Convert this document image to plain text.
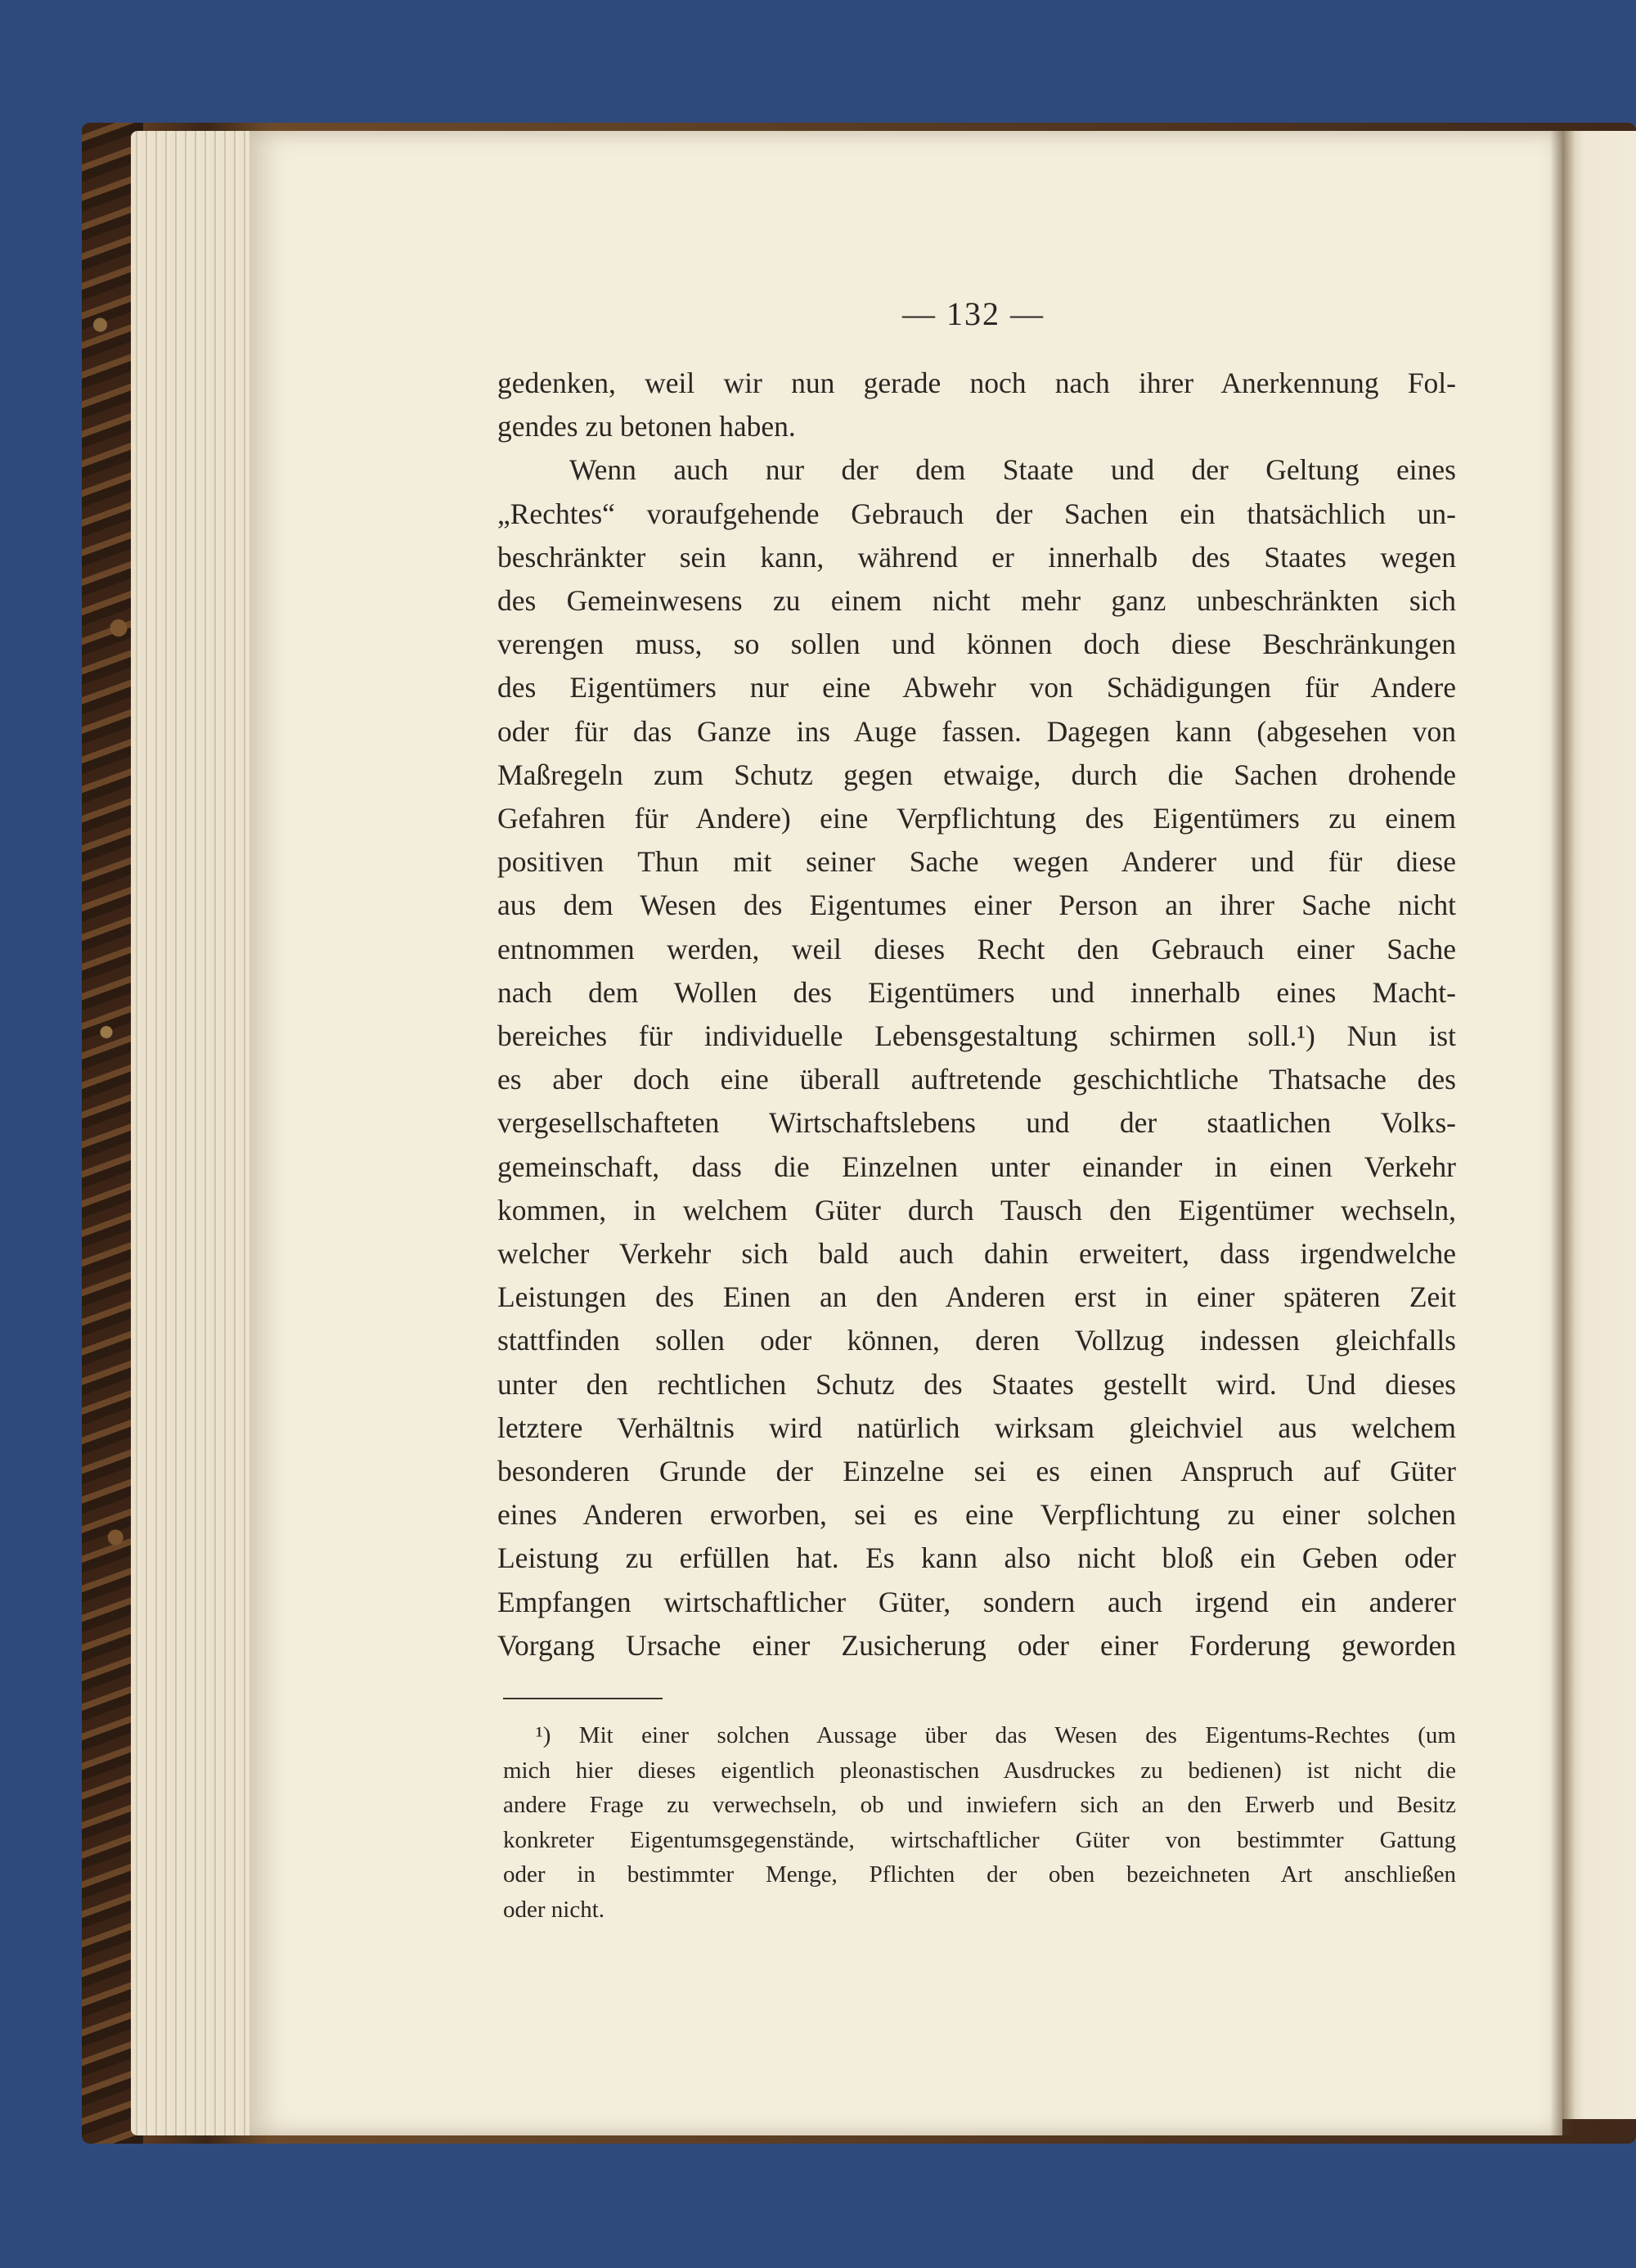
— 132 —
gedenken, weil wir nun gerade noch nach ihrer Anerkennung Fol-
gendes zu betonen haben.
Wenn auch nur der dem Staate und der Geltung eines
„Rechtes“ voraufgehende Gebrauch der Sachen ein thatsächlich un-
beschränkter sein kann, während er innerhalb des Staates wegen
des Gemeinwesens zu einem nicht mehr ganz unbeschränkten sich
verengen muss, so sollen und können doch diese Beschränkungen
des Eigentümers nur eine Abwehr von Schädigungen für Andere
oder für das Ganze ins Auge fassen. Dagegen kann (abgesehen von
Maßregeln zum Schutz gegen etwaige, durch die Sachen drohende
Gefahren für Andere) eine Verpflichtung des Eigentümers zu einem
positiven Thun mit seiner Sache wegen Anderer und für diese
aus dem Wesen des Eigentumes einer Person an ihrer Sache nicht
entnommen werden, weil dieses Recht den Gebrauch einer Sache
nach dem Wollen des Eigentümers und innerhalb eines Macht-
bereiches für individuelle Lebensgestaltung schirmen soll.¹) Nun ist
es aber doch eine überall auftretende geschichtliche Thatsache des
vergesellschafteten Wirtschaftslebens und der staatlichen Volks-
gemeinschaft, dass die Einzelnen unter einander in einen Verkehr
kommen, in welchem Güter durch Tausch den Eigentümer wechseln,
welcher Verkehr sich bald auch dahin erweitert, dass irgendwelche
Leistungen des Einen an den Anderen erst in einer späteren Zeit
stattfinden sollen oder können, deren Vollzug indessen gleichfalls
unter den rechtlichen Schutz des Staates gestellt wird. Und dieses
letztere Verhältnis wird natürlich wirksam gleichviel aus welchem
besonderen Grunde der Einzelne sei es einen Anspruch auf Güter
eines Anderen erworben, sei es eine Verpflichtung zu einer solchen
Leistung zu erfüllen hat. Es kann also nicht bloß ein Geben oder
Empfangen wirtschaftlicher Güter, sondern auch irgend ein anderer
Vorgang Ursache einer Zusicherung oder einer Forderung geworden
¹) Mit einer solchen Aussage über das Wesen des Eigentums-Rechtes (um
mich hier dieses eigentlich pleonastischen Ausdruckes zu bedienen) ist nicht die
andere Frage zu verwechseln, ob und inwiefern sich an den Erwerb und Besitz
konkreter Eigentumsgegenstände, wirtschaftlicher Güter von bestimmter Gattung
oder in bestimmter Menge, Pflichten der oben bezeichneten Art anschließen
oder nicht.
